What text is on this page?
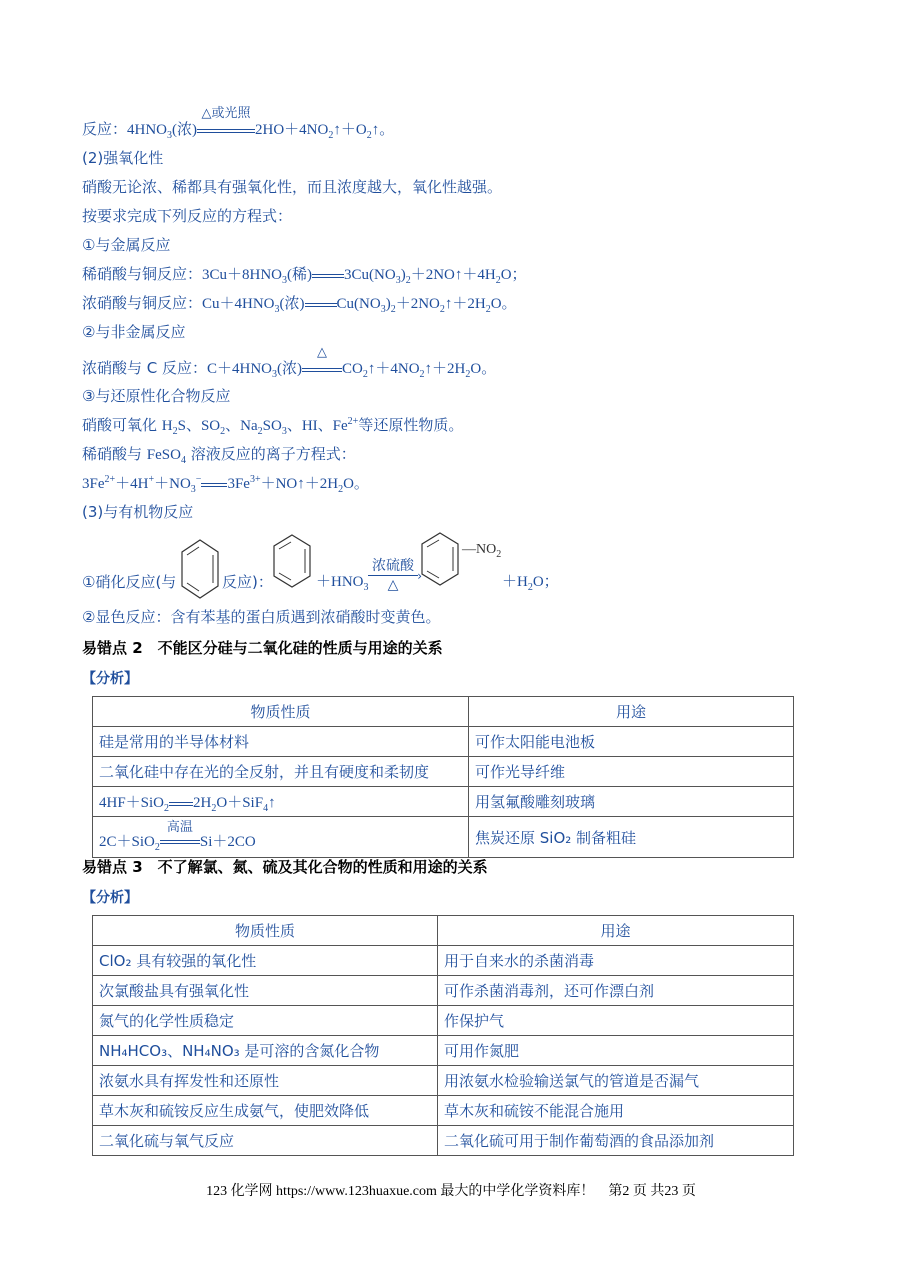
反应：$4HNO_3$(浓)
△或光照
$2HO+4NO_2↑+O_2↑$。
(2)强氧化性
硝酸无论浓、稀都具有强氧化性，而且浓度越大，氧化性越强。
按要求完成下列反应的方程式：
①与金属反应
稀硝酸与铜反应：$3Cu+8HNO_3$(稀) $3Cu(NO_3)_2+2NO↑+4H_2O$；
浓硝酸与铜反应：$Cu+4HNO_3$(浓) $Cu(NO_3)_2+2NO_2↑+2H_2O$。
②与非金属反应
浓硝酸与 C 反应：$C+4HNO_3$(浓)
△
$CO_2↑+4NO_2↑+2H_2O$。
③与还原性化合物反应
硝酸可氧化 $H_2S$、$SO_2$、$Na_2SO_3$、HI、$Fe^{2+}$等还原性物质。
稀硝酸与 FeSO$_4$ 溶液反应的离子方程式：
$3Fe^{2+}+4H^++NO_3^-$ $3Fe^{3+}+NO↑+2H_2O$。
(3)与有机物反应
$—NO_2$
①硝化反应(与	反应)：	$+HNO_3$
浓硫酸
›
△	$+H_2O$；
②显色反应：含有苯基的蛋白质遇到浓硝酸时变黄色。
易错点 2　不能区分硅与二氧化硅的性质与用途的关系
【分析】
物质性质	用途
硅是常用的半导体材料	可作太阳能电池板
二氧化硅中存在光的全反射，并且有硬度和柔韧度	可作光导纤维
4HF＋SiO$_2$ $2H_2O+SiF_4↑$	用氢氟酸雕刻玻璃
2C＋SiO$_2$
高温
Si＋2CO	焦炭还原 SiO₂ 制备粗硅
易错点 3　不了解氯、氮、硫及其化合物的性质和用途的关系
【分析】
物质性质	用途
ClO₂ 具有较强的氧化性	用于自来水的杀菌消毒
次氯酸盐具有强氧化性	可作杀菌消毒剂，还可作漂白剂
氮气的化学性质稳定	作保护气
NH₄HCO₃、NH₄NO₃ 是可溶的含氮化合物	可用作氮肥
浓氨水具有挥发性和还原性	用浓氨水检验输送氯气的管道是否漏气
草木灰和硫铵反应生成氨气，使肥效降低	草木灰和硫铵不能混合施用
二氧化硫与氧气反应	二氧化硫可用于制作葡萄酒的食品添加剂
123 化学网 https://www.123huaxue.com 最大的中学化学资料库！　第2 页 共23 页
